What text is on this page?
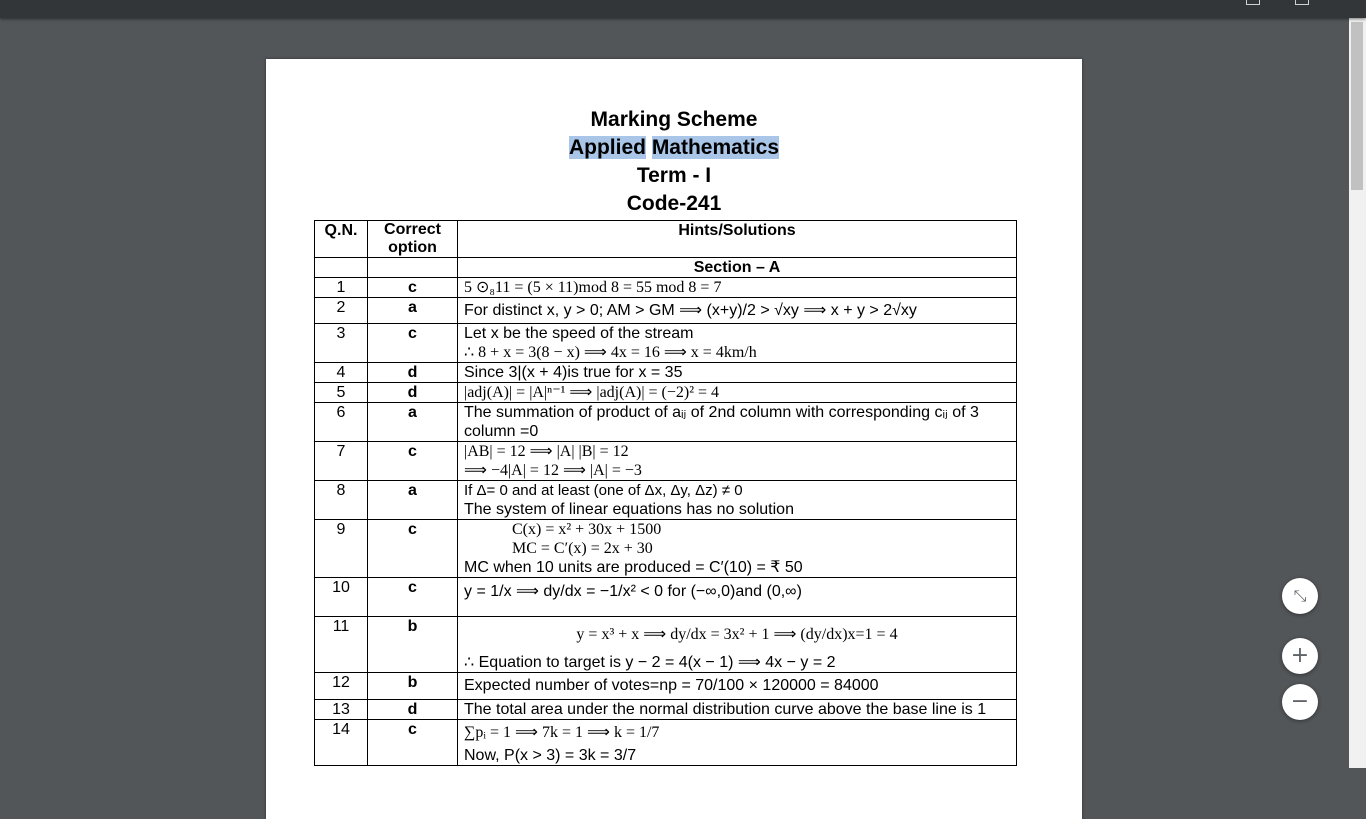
Marking Scheme
Applied Mathematics
Term - I
Code-241
Q.N.	Correct option	Hints/Solutions
		Section – A
1	c	5 ⊙₈11 = (5 × 11)mod 8 = 55 mod 8 = 7
2	a	For distinct x, y > 0; AM > GM ⟹ (x+y)/2 > √xy ⟹ x + y > 2√xy
3	c	Let x be the speed of the stream
∴ 8 + x = 3(8 − x) ⟹ 4x = 16 ⟹ x = 4km/h

4	d	Since 3|(x + 4)is true for x = 35
5	d	|adj(A)| = |A|ⁿ⁻¹ ⟹ |adj(A)| = (−2)² = 4
6	a	The summation of product of aᵢⱼ of 2nd column with corresponding cᵢⱼ of 3
column =0

7	c	|AB| = 12 ⟹ |A| |B| = 12
⟹ −4|A| = 12 ⟹ |A| = −3

8	a	If Δ= 0 and at least (one of Δx, Δy, Δz) ≠ 0
The system of linear equations has no solution

9	c	C(x) = x² + 30x + 1500
MC = C′(x) = 2x + 30
MC when 10 units are produced = C′(10) = ₹ 50

10	c	y = 1/x ⟹ dy/dx = −1/x² < 0 for (−∞,0)and (0,∞)
11	b	y = x³ + x ⟹ dy/dx = 3x² + 1 ⟹ (dy/dx)x=1 = 4
∴ Equation to target is y − 2 = 4(x − 1) ⟹ 4x − y = 2

12	b	Expected number of votes=np = 70/100 × 120000 = 84000
13	d	The total area under the normal distribution curve above the base line is 1
14	c	∑pᵢ = 1 ⟹ 7k = 1 ⟹ k = 1/7
Now, P(x > 3) = 3k = 3/7
⤡
+
−
